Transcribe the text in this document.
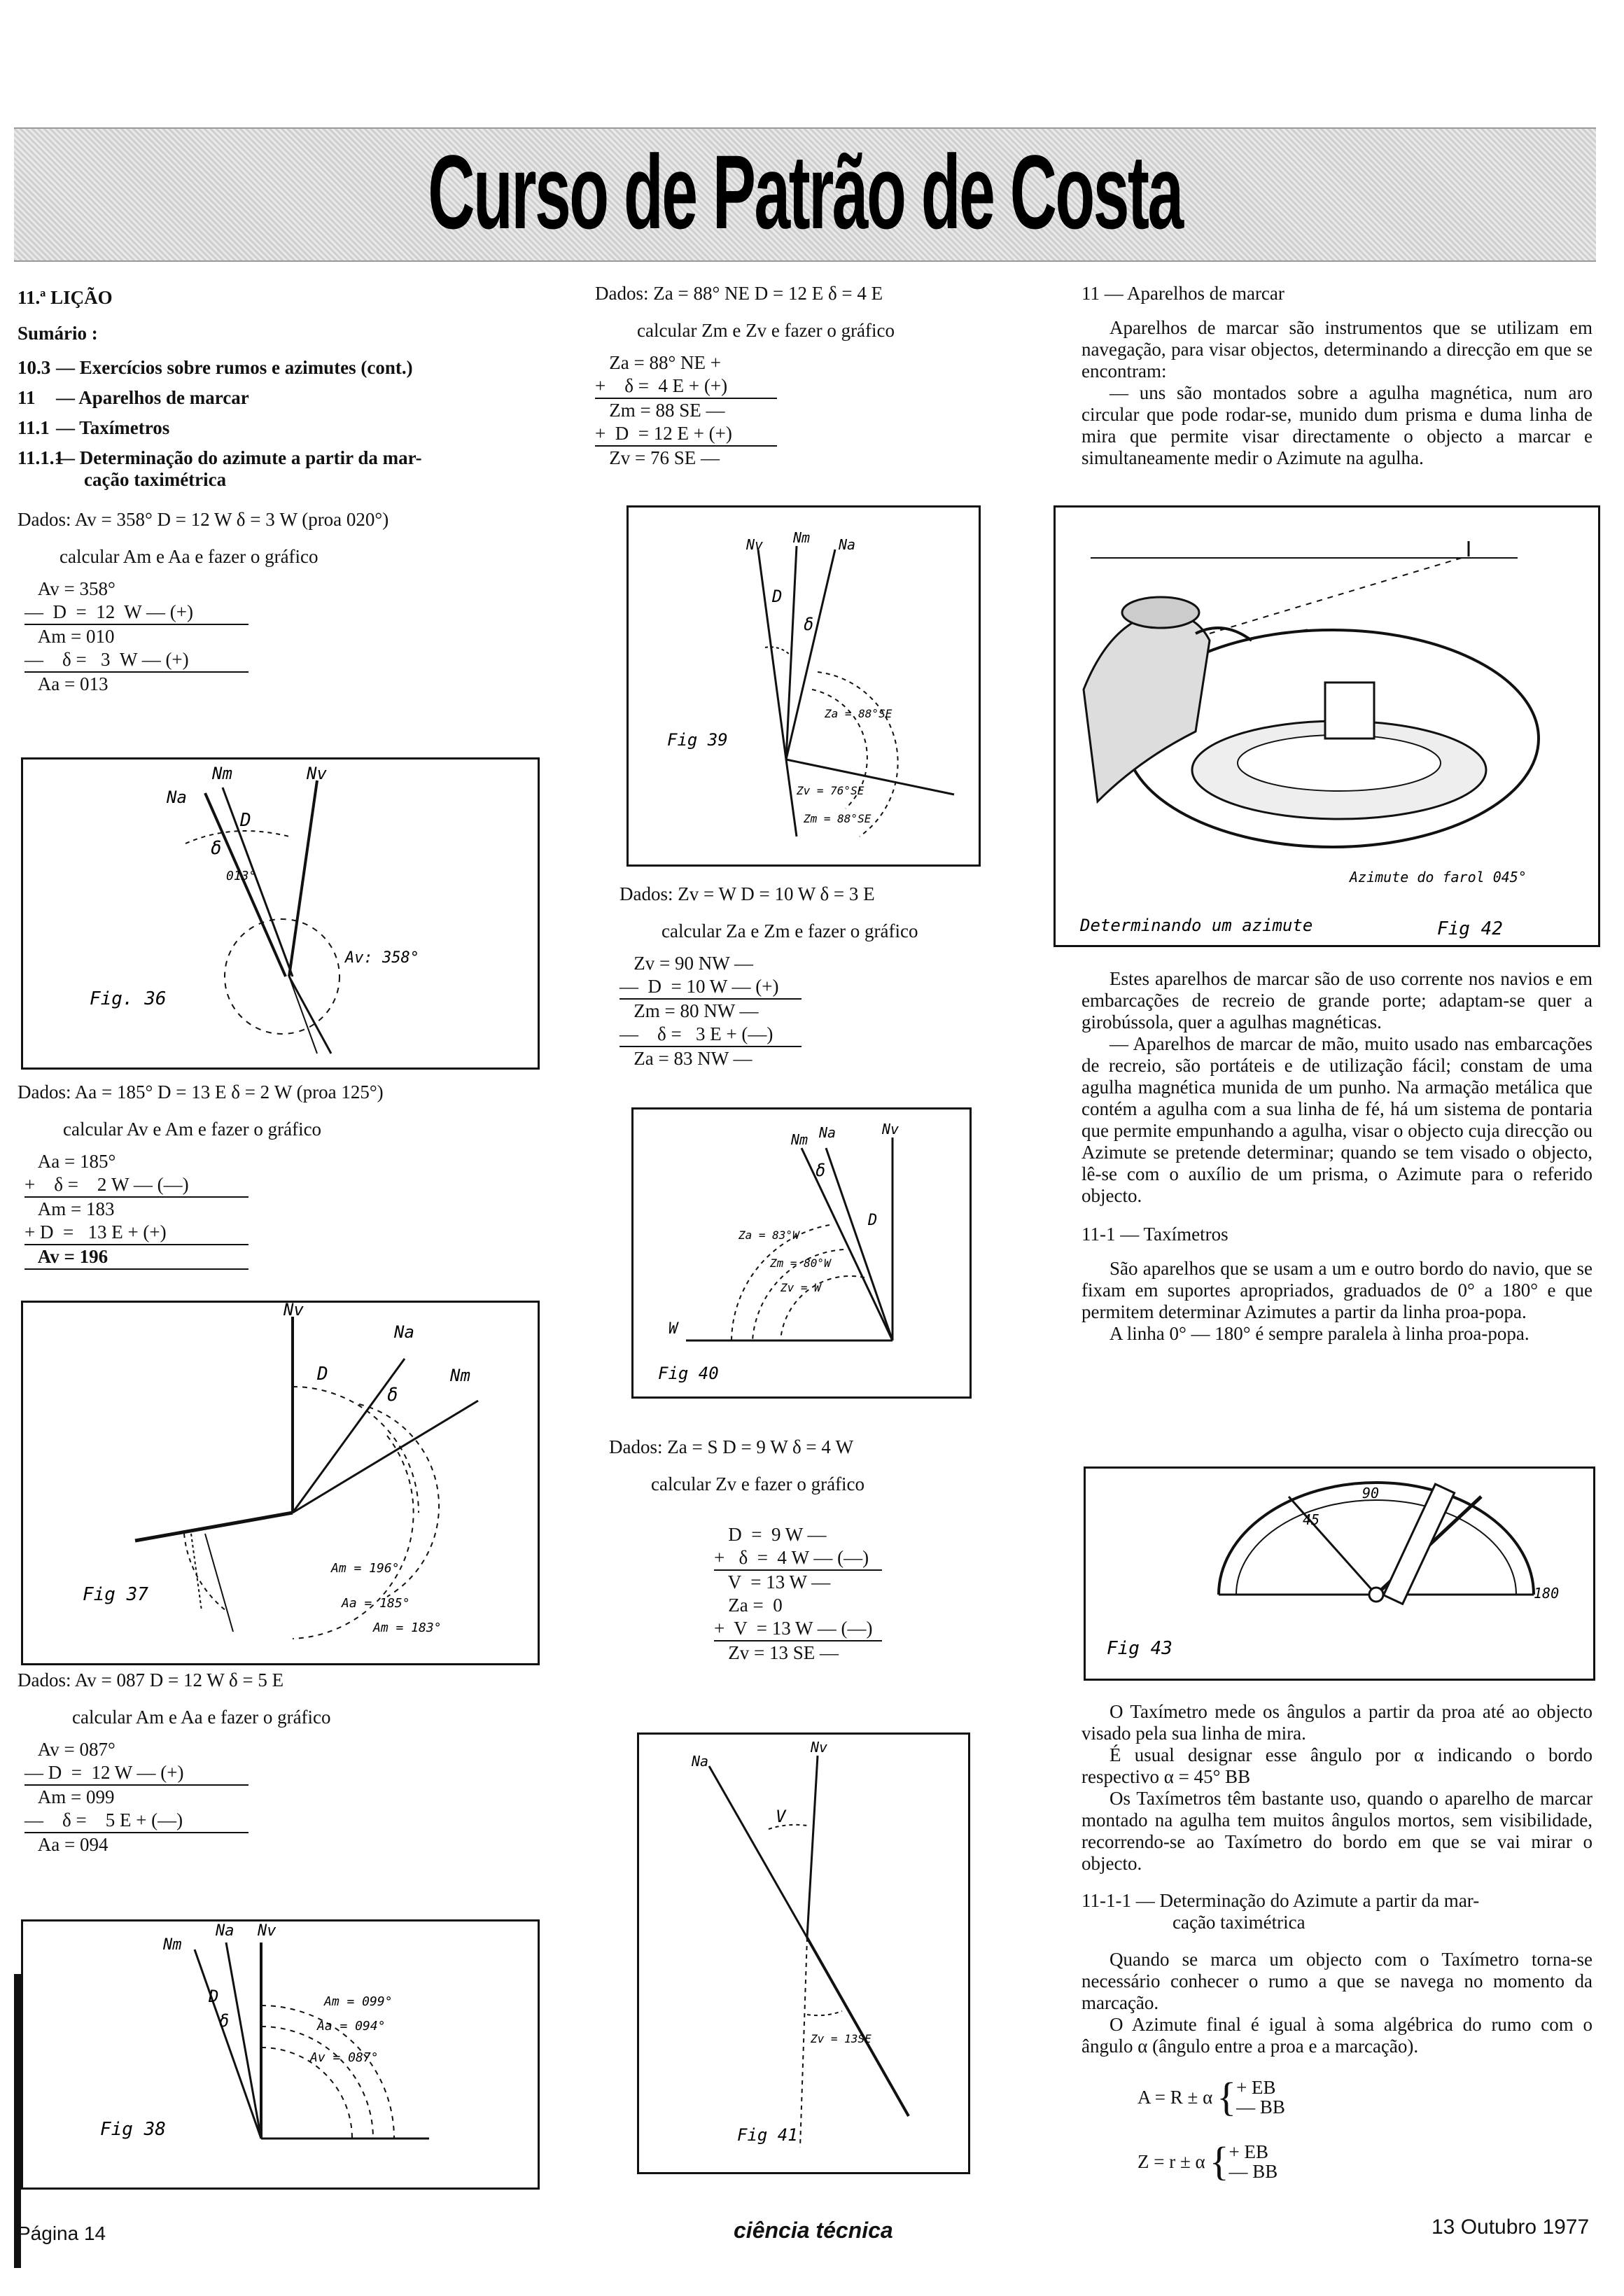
Curso de Patrão de Costa
11.ª LIÇÃO
Sumário :
10.3 — Exercícios sobre rumos e azimutes (cont.)
11	— Aparelhos de marcar
11.1 — Taxímetros
11.1.1
— Determinação do azimute a partir da mar-
cação taximétrica
Dados: Av = 358° D = 12 W δ = 3 W (proa 020°)
calcular Am e Aa e fazer o gráfico
Av = 358°
—  D  =  12  W — (+)
Am = 010
—    δ =   3  W — (+)
Aa = 013
Na
Nm	Nv
D
δ
013°
Av: 358°
Fig. 36
Dados: Aa = 185° D = 13 E δ = 2 W (proa 125°)
calcular Av e Am e fazer o gráfico
Aa = 185°
+    δ =    2 W — (—)
Am = 183
+ D  =   13 E + (+)
Av = 196
Nv
Na
Nm
D
δ
Am = 196°
Aa = 185°
Am = 183°
Fig 37
Dados: Av = 087 D = 12 W δ = 5 E
calcular Am e Aa e fazer o gráfico
Av = 087°
— D  =  12 W — (+)
Am = 099
—    δ =    5 E + (—)
Aa = 094
Nm
Na Nv
D
δ
Am = 099°
Aa = 094°
Av = 087°
Fig 38
Dados: Za = 88° NE D = 12 E δ = 4 E
calcular Zm e Zv e fazer o gráfico
Za = 88° NE +
+    δ =  4 E + (+)
Zm = 88 SE —
+  D  = 12 E + (+)
Zv = 76 SE —
Nv Nm Na
D
δ
Za = 88°SE
Zv = 76°SE
Zm = 88°SE
Fig 39
Dados: Zv = W D = 10 W δ = 3 E
calcular Za e Zm e fazer o gráfico
Zv = 90 NW —
—  D  = 10 W — (+)
Zm = 80 NW —
—    δ =   3 E + (—)
Za = 83 NW —
Nm Na	Nv
δ
D
W
Za = 83°W
Zm = 80°W
Zv = W
Fig 40
Dados: Za = S D = 9 W δ = 4 W
calcular Zv e fazer o gráfico
D  =  9 W —
+   δ  =  4 W — (—)
V  = 13 W —
Za =  0
+  V  = 13 W — (—)
Zv = 13 SE —
Na
Nv
V
Zv = 13SE
Fig 41
11 — Aparelhos de marcar

Aparelhos de marcar são instrumentos que se utilizam em navegação, para visar objectos, determinando a direcção em que se encontram:

— uns são montados sobre a agulha magnética, num aro circular que pode rodar-se, munido dum prisma e duma linha de mira que permite visar directamente o objecto a marcar e simultaneamente medir o Azimute na agulha.

Azimute do farol 045°
Determinando um azimute	Fig 42

Estes aparelhos de marcar são de uso corrente nos navios e em embarcações de recreio de grande porte; adaptam-se quer a girobússola, quer a agulhas magnéticas.

— Aparelhos de marcar de mão, muito usado nas embarcações de recreio, são portáteis e de utilização fácil; constam de uma agulha magnética munida de um punho. Na armação metálica que contém a agulha com a sua linha de fé, há um sistema de pontaria que permite empunhando a agulha, visar o objecto cuja direcção ou Azimute se pretende determinar; quando se tem visado o objecto, lê-se com o auxílio de um prisma, o Azimute para o referido objecto.

11-1 — Taxímetros

São aparelhos que se usam a um e outro bordo do navio, que se fixam em suportes apropriados, graduados de 0° a 180° e que permitem determinar Azimutes a partir da linha proa-popa.

A linha 0° — 180° é sempre paralela à linha proa-popa.

45
90
180
Fig 43

O Taxímetro mede os ângulos a partir da proa até ao objecto visado pela sua linha de mira.

É usual designar esse ângulo por α indicando o bordo respectivo α = 45° BB

Os Taxímetros têm bastante uso, quando o aparelho de marcar montado na agulha tem muitos ângulos mortos, sem visibilidade, recorrendo-se ao Taxímetro do bordo em que se vai mirar o objecto.

11-1-1 — Determinação do Azimute a partir da mar-
cação taximétrica

Quando se marca um objecto com o Taxímetro torna-se necessário conhecer o rumo a que se navega no momento da marcação.

O Azimute final é igual à soma algébrica do rumo com o ângulo α (ângulo entre a proa e a marcação).

A = R ± α { + EB
— BB
Z = r ± α { + EB
— BB
Página 14	ciência técnica	13 Outubro 1977
